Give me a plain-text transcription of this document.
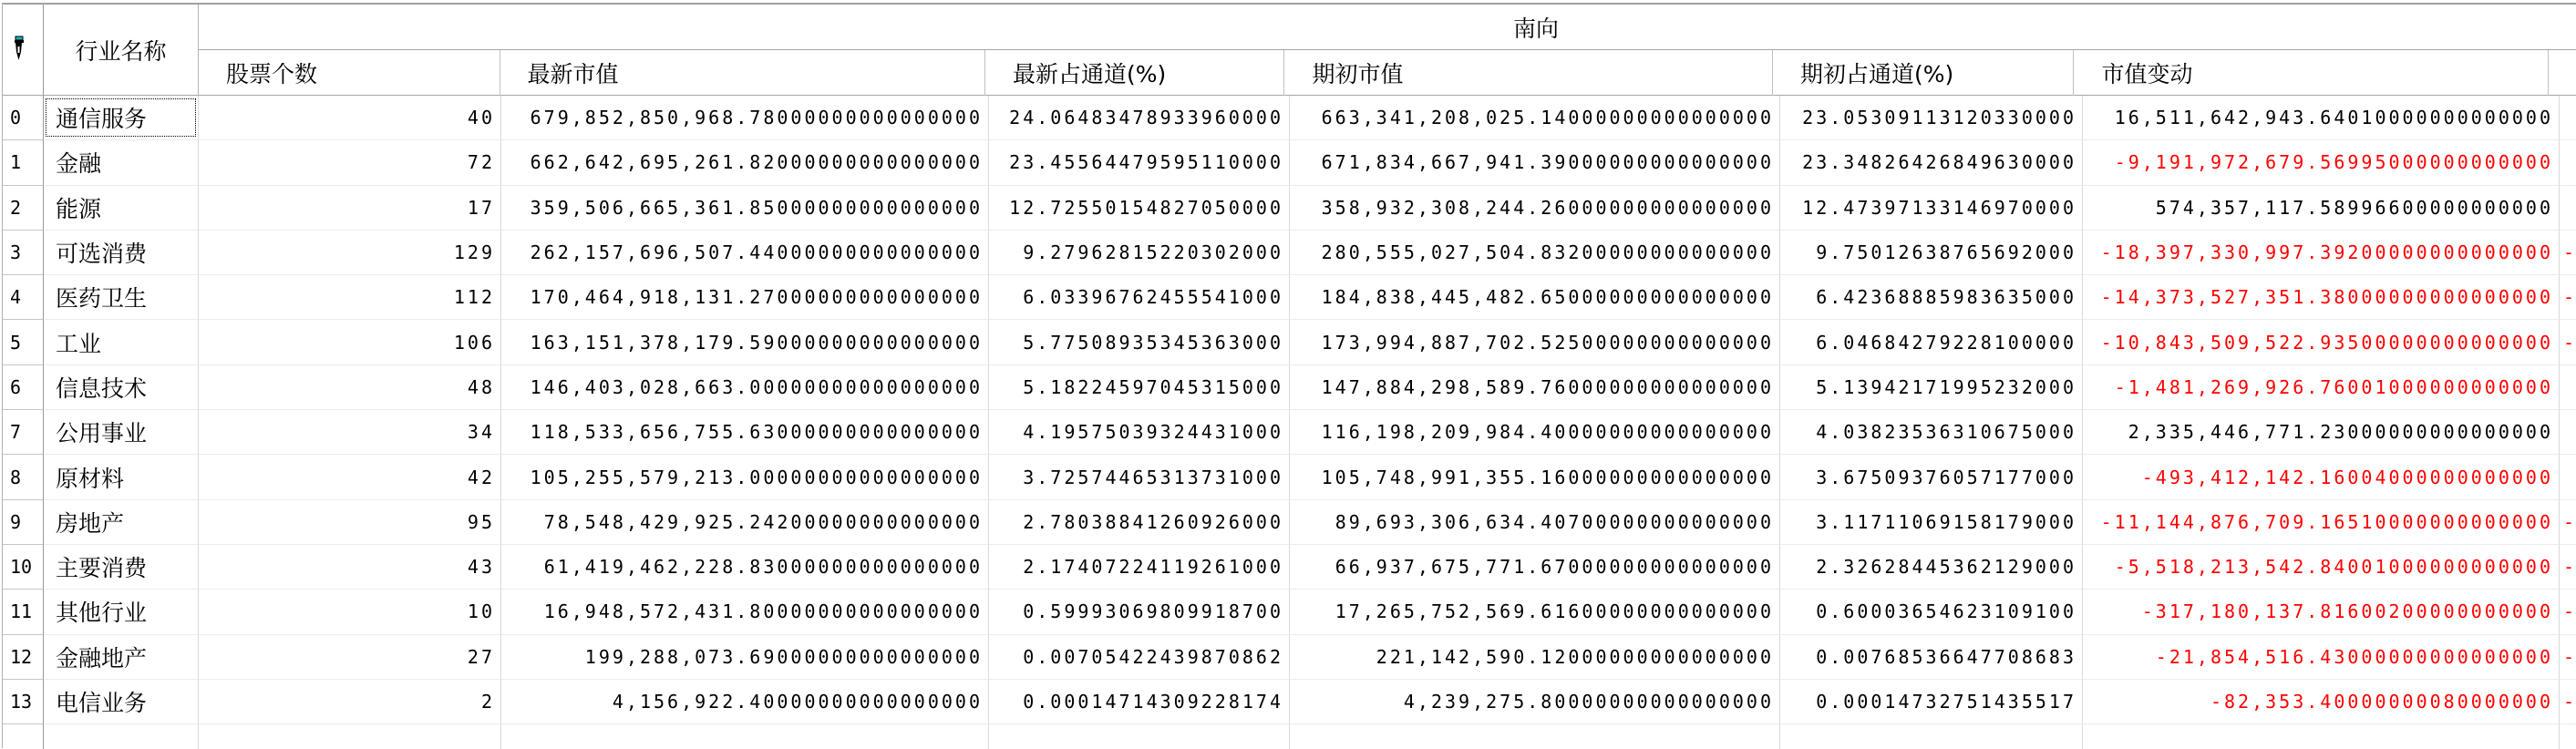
行业名称
南向
股票个数	最新市值	最新占通道(%)	期初市值	期初占通道(%)	市值变动
0	通信服务	40	679,852,850,968.78000000000000000	24.06483478933960000	663,341,208,025.14000000000000000	23.05309113120330000	16,511,642,943.64010000000000000
1	金融	72	662,642,695,261.82000000000000000	23.45564479595110000	671,834,667,941.39000000000000000	23.34826426849630000	-9,191,972,679.56995000000000000
2	能源	17	359,506,665,361.85000000000000000	12.72550154827050000	358,932,308,244.26000000000000000	12.47397133146970000	574,357,117.58996600000000000
3	可选消费	129	262,157,696,507.44000000000000000	9.27962815220302000	280,555,027,504.83200000000000000	9.75012638765692000	-18,397,330,997.39200000000000000 -
4	医药卫生	112	170,464,918,131.27000000000000000	6.03396762455541000	184,838,445,482.65000000000000000	6.42368885983635000	-14,373,527,351.38000000000000000 -
5	工业	106	163,151,378,179.59000000000000000	5.77508935345363000	173,994,887,702.52500000000000000	6.04684279228100000	-10,843,509,522.93500000000000000 -
6	信息技术	48	146,403,028,663.00000000000000000	5.18224597045315000	147,884,298,589.76000000000000000	5.13942171995232000	-1,481,269,926.76001000000000000
7	公用事业	34	118,533,656,755.63000000000000000	4.19575039324431000	116,198,209,984.40000000000000000	4.03823536310675000	2,335,446,771.23000000000000000
8	原材料	42	105,255,579,213.00000000000000000	3.72574465313731000	105,748,991,355.16000000000000000	3.67509376057177000	-493,412,142.16004000000000000
9	房地产	95	78,548,429,925.24200000000000000	2.78038841260926000	89,693,306,634.40700000000000000	3.11711069158179000	-11,144,876,709.16510000000000000 -
10	主要消费	43	61,419,462,228.83000000000000000	2.17407224119261000	66,937,675,771.67000000000000000	2.32628445362129000	-5,518,213,542.84001000000000000 -
11	其他行业	10	16,948,572,431.80000000000000000	0.59993069809918700	17,265,752,569.61600000000000000	0.60003654623109100	-317,180,137.81600200000000000 -
12	金融地产	27	199,288,073.69000000000000000	0.00705422439870862	221,142,590.12000000000000000	0.00768536647708683	-21,854,516.43000000000000000 -
13	电信业务	2	4,156,922.40000000000000000	0.00014714309228174	4,239,275.80000000000000000	0.00014732751435517	-82,353.40000000080000000 -
